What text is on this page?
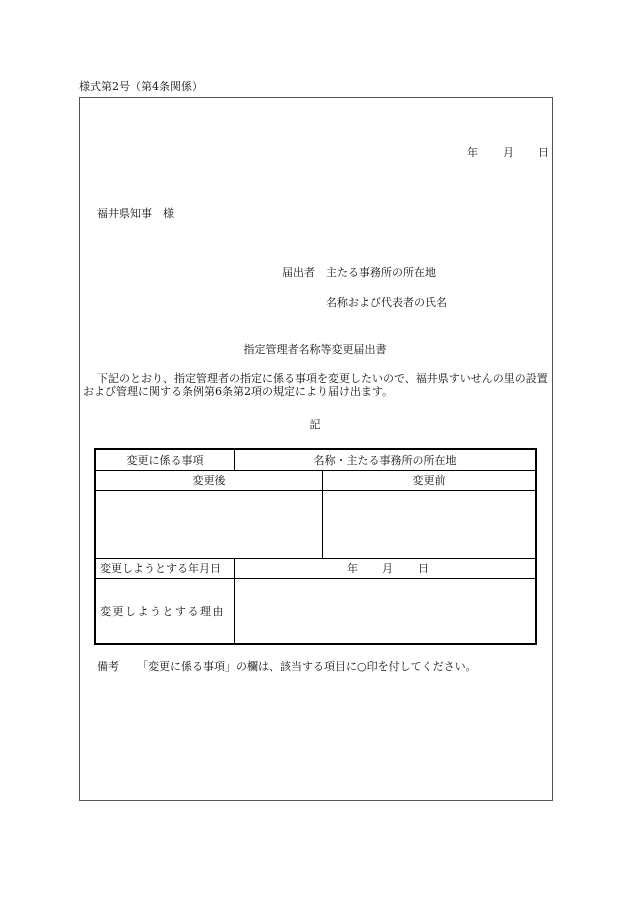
様式第2号（第4条関係）
年 月 日
福井県知事　様
届出者 主たる事務所の所在地
名称および代表者の氏名
指定管理者名称等変更届出書
下記のとおり、指定管理者の指定に係る事項を変更したいので、福井県すいせんの里の設置および管理に関する条例第6条第2項の規定により届け出ます。
記
変更に係る事項	名称・主たる事務所の所在地
変更後	変更前
変更しようとする年月日	年 月 日
変更しようとする理由
備考 「変更に係る事項」の欄は、該当する項目に○印を付してください。
